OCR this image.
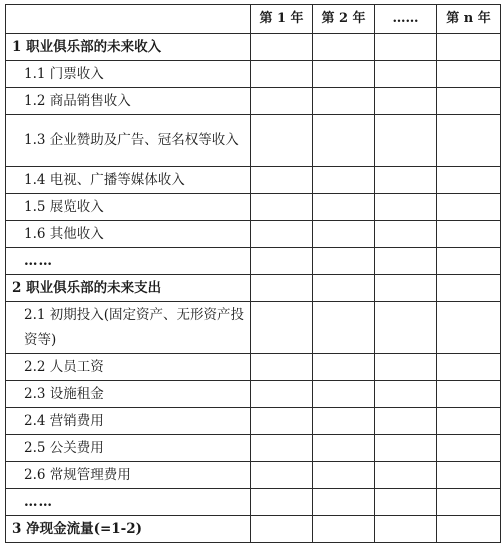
	第 1 年	第 2 年	……	第 n 年
1 职业俱乐部的未来收入				
1.1 门票收入				
1.2 商品销售收入				
1.3 企业赞助及广告、冠名权等收入				
1.4 电视、广播等媒体收入				
1.5 展览收入				
1.6 其他收入				
……				
2 职业俱乐部的未来支出				
2.1 初期投入(固定资产、无形资产投资等)				
2.2 人员工资				
2.3 设施租金				
2.4 营销费用				
2.5 公关费用				
2.6 常规管理费用				
……				
3 净现金流量(=1-2)				
